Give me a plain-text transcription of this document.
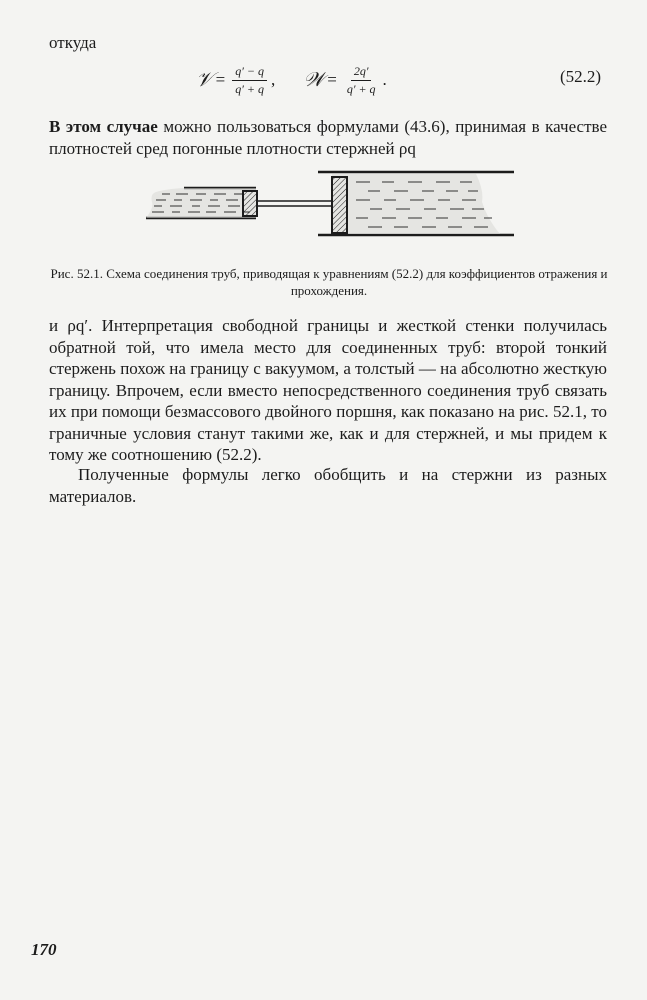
откуда
𝒱 = $\frac{q' - q}{q' + q}$ , 𝒲 = $\frac{2q'}{q' + q}$ .	(52.2)

В этом случае можно пользоваться формулами (43.6), принимая в качестве плотностей сред погонные плотности стержней ρq

Рис. 52.1. Схема соединения труб, приводящая к уравнениям (52.2) для коэффициентов отражения и прохождения.

и ρq′. Интерпретация свободной границы и жесткой стенки получилась обратной той, что имела место для соединенных труб: второй тонкий стержень похож на границу с вакуумом, а толстый — на абсолютно жесткую границу. Впрочем, если вместо непосредственного соединения труб связать их при помощи безмассового двойного поршня, как показано на рис. 52.1, то граничные условия станут такими же, как и для стержней, и мы придем к тому же соотношению (52.2).

Полученные формулы легко обобщить и на стержни из разных материалов.

170
